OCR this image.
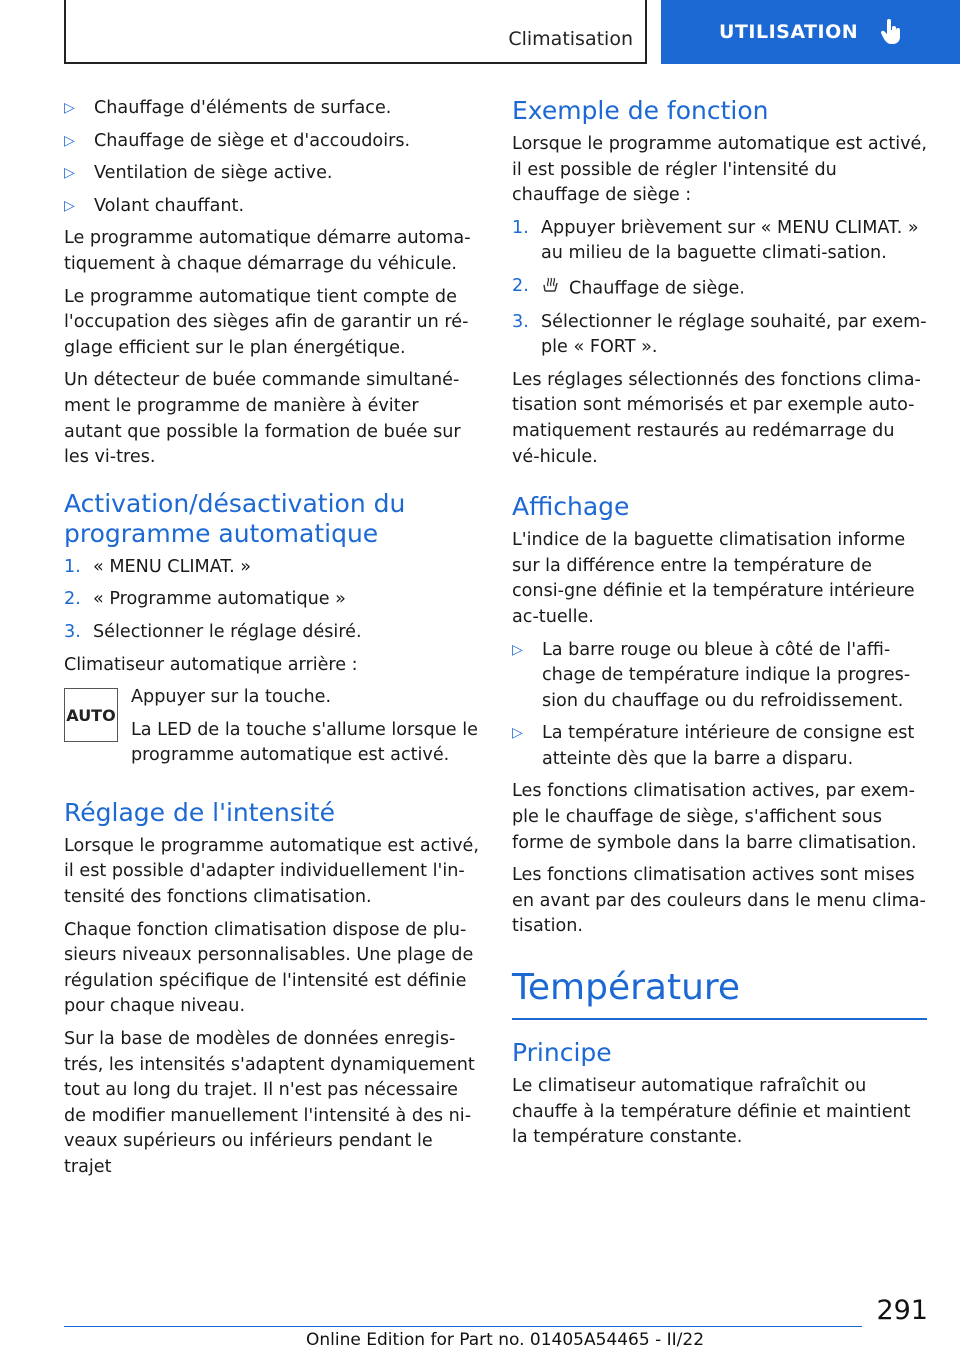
Climatisation	UTILISATION
▷	Chauffage d'éléments de surface.
▷	Chauffage de siège et d'accoudoirs.
▷	Ventilation de siège active.
▷	Volant chauffant.

Le programme automatique démarre automa-tiquement à chaque démarrage du véhicule.

Le programme automatique tient compte de l'occupation des sièges afin de garantir un ré-glage efficient sur le plan énergétique.

Un détecteur de buée commande simultané-ment le programme de manière à éviter autant que possible la formation de buée sur les vi-tres.

Activation/désactivation du programme automatique
1. « MENU CLIMAT. »
2. « Programme automatique »
3. Sélectionner le réglage désiré.

Climatiseur automatique arrière :

AUTO

Appuyer sur la touche.

La LED de la touche s'allume lorsque le programme automatique est activé.

Réglage de l'intensité

Lorsque le programme automatique est activé, il est possible d'adapter individuellement l'in-tensité des fonctions climatisation.

Chaque fonction climatisation dispose de plu-sieurs niveaux personnalisables. Une plage de régulation spécifique de l'intensité est définie pour chaque niveau.

Sur la base de modèles de données enregis-trés, les intensités s'adaptent dynamiquement tout au long du trajet. Il n'est pas nécessaire de modifier manuellement l'intensité à des ni-veaux supérieurs ou inférieurs pendant le trajet

Exemple de fonction

Lorsque le programme automatique est activé, il est possible de régler l'intensité du chauffage de siège :

1. Appuyer brièvement sur « MENU CLIMAT. » au milieu de la baguette climati-sation.
2.	Chauffage de siège.
3. Sélectionner le réglage souhaité, par exem-ple « FORT ».

Les réglages sélectionnés des fonctions clima-tisation sont mémorisés et par exemple auto-matiquement restaurés au redémarrage du vé-hicule.

Affichage

L'indice de la baguette climatisation informe sur la différence entre la température de consi-gne définie et la température intérieure ac-tuelle.

▷	La barre rouge ou bleue à côté de l'affi-chage de température indique la progres-sion du chauffage ou du refroidissement.
▷	La température intérieure de consigne est atteinte dès que la barre a disparu.

Les fonctions climatisation actives, par exem-ple le chauffage de siège, s'affichent sous forme de symbole dans la barre climatisation.

Les fonctions climatisation actives sont mises en avant par des couleurs dans le menu clima-tisation.

Température
Principe

Le climatiseur automatique rafraîchit ou chauffe à la température définie et maintient la température constante.

291
Online Edition for Part no. 01405A54465 - II/22
